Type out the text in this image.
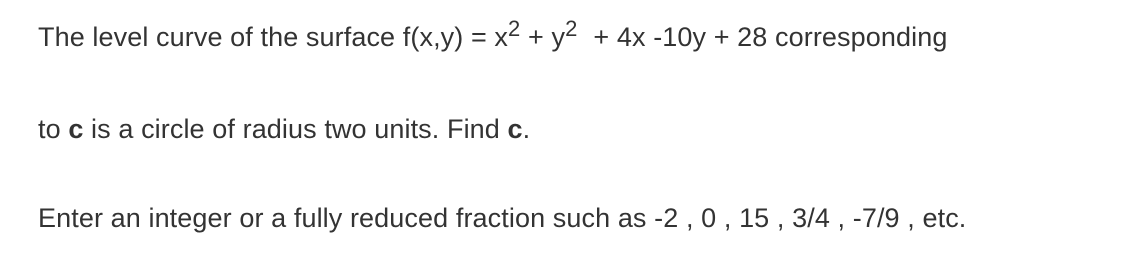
The level curve of the surface $f(x,y) = x^2 + y^2 + 4x$ -10y + 28 corresponding
to c is a circle of radius two units. Find c.
Enter an integer or a fully reduced fraction such as -2 , 0 , 15 , 3/4 , -7/9 , etc.
